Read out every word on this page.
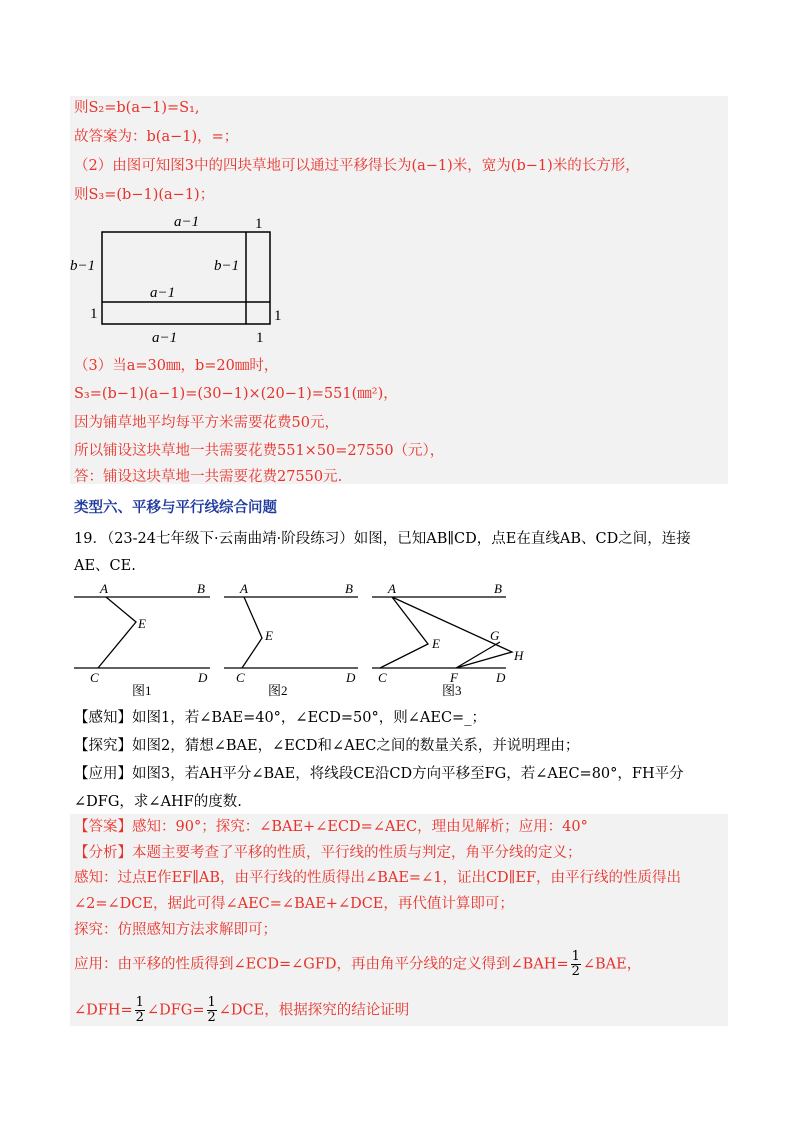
则S₂=b(a−1)=S₁,
故答案为：b(a−1)，=；
（2）由图可知图3中的四块草地可以通过平移得长为(a−1)米，宽为(b−1)米的长方形，
则S₃=(b−1)(a−1)；
a−1	1
b−1	b−1
a−1
1	1
a−1	1
（3）当a=30㎜，b=20㎜时，
S₃=(b−1)(a−1)=(30−1)×(20−1)=551(㎜²)，
因为铺草地平均每平方米需要花费50元，
所以铺设这块草地一共需要花费551×50=27550（元），
答：铺设这块草地一共需要花费27550元.
类型六、平移与平行线综合问题
19．（23-24七年级下·云南曲靖·阶段练习）如图，已知AB∥CD，点E在直线AB、CD之间，连接
AE、CE.
A	B
E
C	D
图1
A	B
E
C	D
图2
A	B
E
G
H
C	F	D
图3
【感知】如图1，若∠BAE=40°，∠ECD=50°，则∠AEC=_；
【探究】如图2，猜想∠BAE，∠ECD和∠AEC之间的数量关系，并说明理由；
【应用】如图3，若AH平分∠BAE，将线段CE沿CD方向平移至FG，若∠AEC=80°，FH平分
∠DFG，求∠AHF的度数.
【答案】感知：90°；探究：∠BAE+∠ECD=∠AEC，理由见解析；应用：40°
【分析】本题主要考查了平移的性质，平行线的性质与判定，角平分线的定义；
感知：过点E作EF∥AB，由平行线的性质得出∠BAE=∠1，证出CD∥EF，由平行线的性质得出
∠2=∠DCE，据此可得∠AEC=∠BAE+∠DCE，再代值计算即可；
探究：仿照感知方法求解即可；
应用：由平移的性质得到∠ECD=∠GFD，再由角平分线的定义得到∠BAH= $\frac{1}{2}$ ∠BAE，
∠DFH= $\frac{1}{2}$ ∠DFG= $\frac{1}{2}$ ∠DCE，根据探究的结论证明
